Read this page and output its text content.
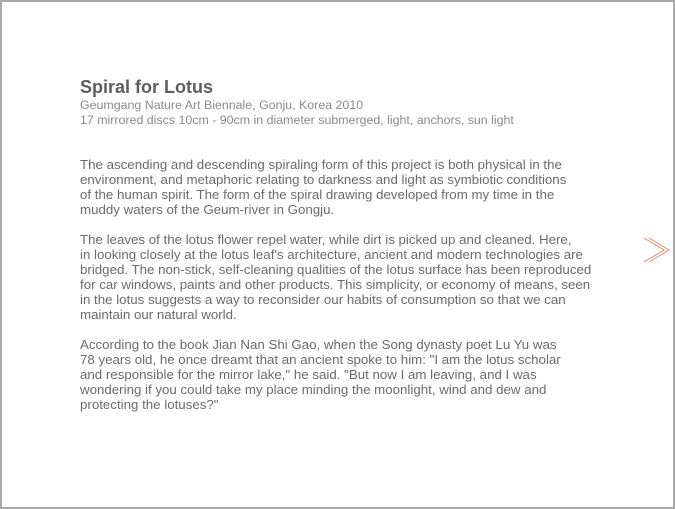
Spiral for Lotus

Geumgang Nature Art Biennale, Gonju, Korea 2010

17 mirrored discs 10cm - 90cm in diameter submerged, light, anchors, sun light

The ascending and descending spiraling form of this project is both physical in the
environment, and metaphoric relating to darkness and light as symbiotic conditions
of the human spirit. The form of the spiral drawing developed from my time in the
muddy waters of the Geum-river in Gongju.

The leaves of the lotus flower repel water, while dirt is picked up and cleaned. Here,
in looking closely at the lotus leaf's architecture, ancient and modern technologies are
bridged. The non-stick, self-cleaning qualities of the lotus surface has been reproduced
for car windows, paints and other products. This simplicity, or economy of means, seen
in the lotus suggests a way to reconsider our habits of consumption so that we can
maintain our natural world.

According to the book Jian Nan Shi Gao, when the Song dynasty poet Lu Yu was
78 years old, he once dreamt that an ancient spoke to him: "I am the lotus scholar
and responsible for the mirror lake," he said. "But now I am leaving, and I was
wondering if you could take my place minding the moonlight, wind and dew and
protecting the lotuses?"
